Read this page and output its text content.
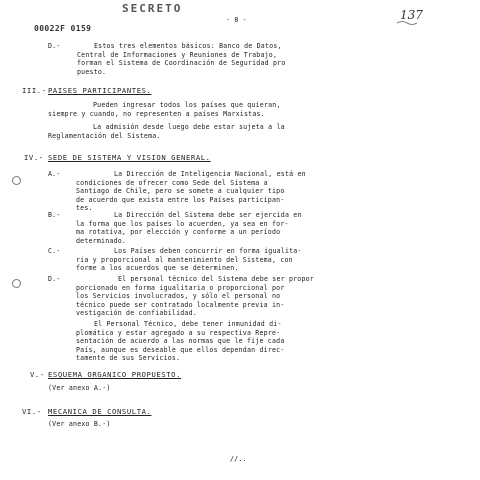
SECRETO
- 8 -
00022F 0159
137
D.-	Estos tres elementos básicos: Banco de Datos,
Central de Informaciones y Reuniones de Trabajo,
forman el Sistema de Coordinación de Seguridad pro
puesto.
III.- PAISES PARTICIPANTES.
Pueden ingresar todos los países que quieran,
siempre y cuando, no representen a países Marxistas.
La admisión desde luego debe estar sujeta a la
Reglamentación del Sistema.
IV.- SEDE DE SISTEMA Y VISION GENERAL.
A.-	La Dirección de Inteligencia Nacional, está en
condiciones de ofrecer como Sede del Sistema a
Santiago de Chile, pero se somete a cualquier tipo
de acuerdo que exista entre los Países participan-
tes.
B.-	La Dirección del Sistema debe ser ejercida en
la forma que los países lo acuerden, ya sea en for-
ma rotativa, por elección y conforme a un período
determinado.
C.-	Los Países deben concurrir en forma igualita-
ria y proporcional al mantenimiento del Sistema, con
forme a los acuerdos que se determinen.
D.-	El personal técnico del Sistema debe ser propor
porcionado en forma igualitaria o proporcional por
los Servicios involucrados, y sólo el personal no
técnico puede ser contratado localmente previa in-
vestigación de confiabilidad.
El Personal Técnico, debe tener inmunidad di-
plomática y estar agregado a su respectiva Repre-
sentación de acuerdo a las normas que le fije cada
País, aunque es deseable que ellos dependan direc-
tamente de sus Servicios.
V.- ESQUEMA ORGANICO PROPUESTO.
(Ver anexo A.-)
VI.- MECANICA DE CONSULTA.
(Ver anexo B.-)
//..
